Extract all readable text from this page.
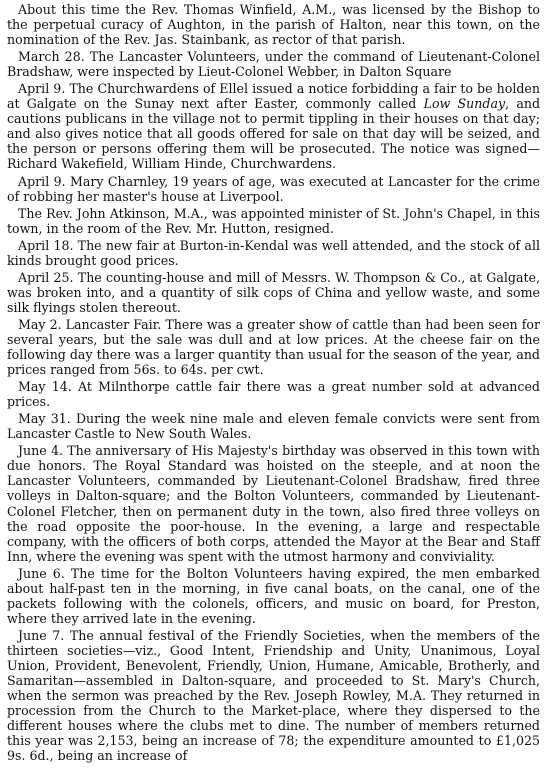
About this time the Rev. Thomas Winfield, A.M., was licensed by the Bishop to the perpetual curacy of Aughton, in the parish of Halton, near this town, on the nomination of the Rev. Jas. Stainbank, as rector of that parish.

March 28. The Lancaster Volunteers, under the command of Lieutenant-Colonel Bradshaw, were inspected by Lieut-Colonel Webber, in Dalton Square

April 9. The Churchwardens of Ellel issued a notice forbidding a fair to be holden at Galgate on the Sunay next after Easter, commonly called Low Sunday, and cautions publicans in the village not to permit tippling in their houses on that day; and also gives notice that all goods offered for sale on that day will be seized, and the person or persons offering them will be prosecuted. The notice was signed—Richard Wakefield, William Hinde, Churchwardens.

April 9. Mary Charnley, 19 years of age, was executed at Lancaster for the crime of robbing her master's house at Liverpool.

The Rev. John Atkinson, M.A., was appointed minister of St. John's Chapel, in this town, in the room of the Rev. Mr. Hutton, resigned.

April 18. The new fair at Burton-in-Kendal was well attended, and the stock of all kinds brought good prices.

April 25. The counting-house and mill of Messrs. W. Thompson & Co., at Galgate, was broken into, and a quantity of silk cops of China and yellow waste, and some silk flyings stolen thereout.

May 2. Lancaster Fair. There was a greater show of cattle than had been seen for several years, but the sale was dull and at low prices. At the cheese fair on the following day there was a larger quantity than usual for the season of the year, and prices ranged from 56s. to 64s. per cwt.

May 14. At Milnthorpe cattle fair there was a great number sold at advanced prices.

May 31. During the week nine male and eleven female convicts were sent from Lancaster Castle to New South Wales.

June 4. The anniversary of His Majesty's birthday was observed in this town with due honors. The Royal Standard was hoisted on the steeple, and at noon the Lancaster Volunteers, commanded by Lieutenant-Colonel Bradshaw, fired three volleys in Dalton-square; and the Bolton Volunteers, commanded by Lieutenant-Colonel Fletcher, then on permanent duty in the town, also fired three volleys on the road opposite the poor-house. In the evening, a large and respectable company, with the officers of both corps, attended the Mayor at the Bear and Staff Inn, where the evening was spent with the utmost harmony and conviviality.

June 6. The time for the Bolton Volunteers having expired, the men embarked about half-past ten in the morning, in five canal boats, on the canal, one of the packets following with the colonels, officers, and music on board, for Preston, where they arrived late in the evening.

June 7. The annual festival of the Friendly Societies, when the members of the thirteen societies—viz., Good Intent, Friendship and Unity, Unanimous, Loyal Union, Provident, Benevolent, Friendly, Union, Humane, Amicable, Brotherly, and Samaritan—assembled in Dalton-square, and proceeded to St. Mary's Church, when the sermon was preached by the Rev. Joseph Rowley, M.A. They returned in procession from the Church to the Market-place, where they dispersed to the different houses where the clubs met to dine. The number of members returned this year was 2,153, being an increase of 78; the expenditure amounted to £1,025 9s. 6d., being an increase of
